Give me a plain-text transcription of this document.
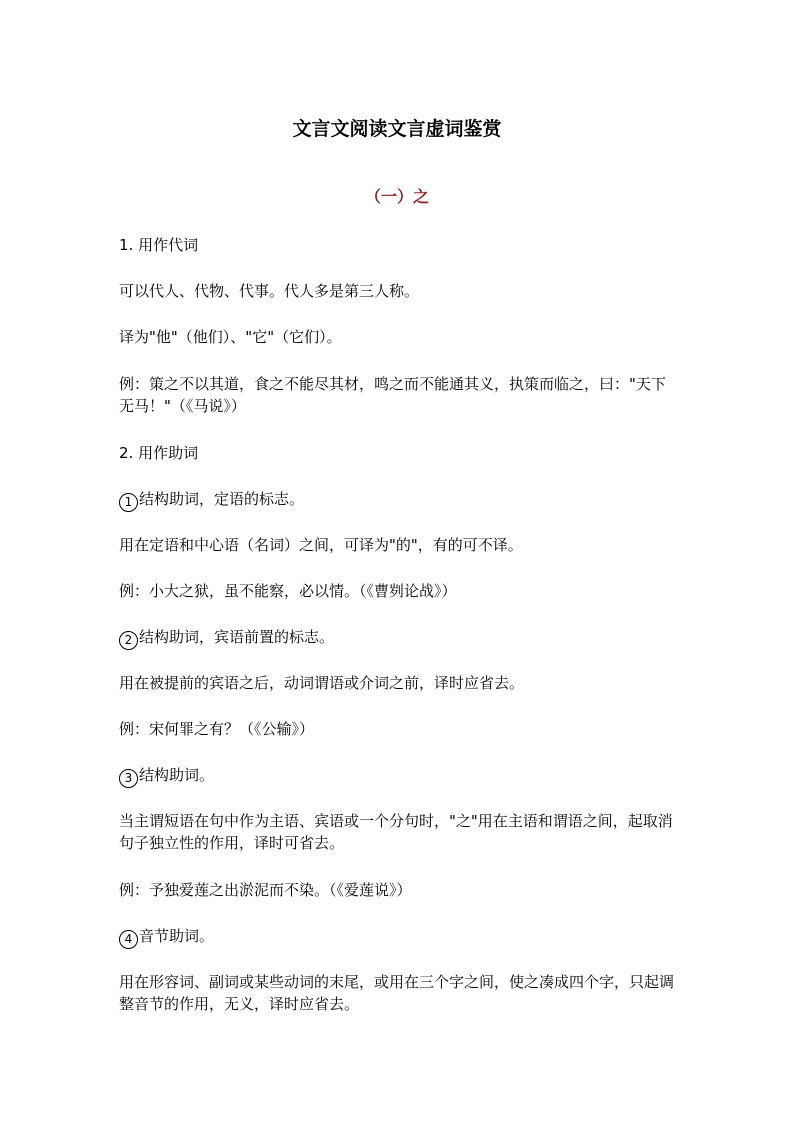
文言文阅读文言虚词鉴赏
（一）之

1. 用作代词

可以代人、代物、代事。代人多是第三人称。

译为"他"（他们）、"它"（它们）。

例：策之不以其道，食之不能尽其材，鸣之而不能通其义，执策而临之，曰："天下无马！"（《马说》）

2. 用作助词

1 结构助词，定语的标志。

用在定语和中心语（名词）之间，可译为"的"，有的可不译。

例：小大之狱，虽不能察，必以情。（《曹刿论战》）

2 结构助词，宾语前置的标志。

用在被提前的宾语之后，动词谓语或介词之前，译时应省去。

例：宋何罪之有？（《公输》）

3 结构助词。

当主谓短语在句中作为主语、宾语或一个分句时，"之"用在主语和谓语之间，起取消句子独立性的作用，译时可省去。

例：予独爱莲之出淤泥而不染。（《爱莲说》）

4 音节助词。

用在形容词、副词或某些动词的末尾，或用在三个字之间，使之凑成四个字，只起调整音节的作用，无义，译时应省去。
